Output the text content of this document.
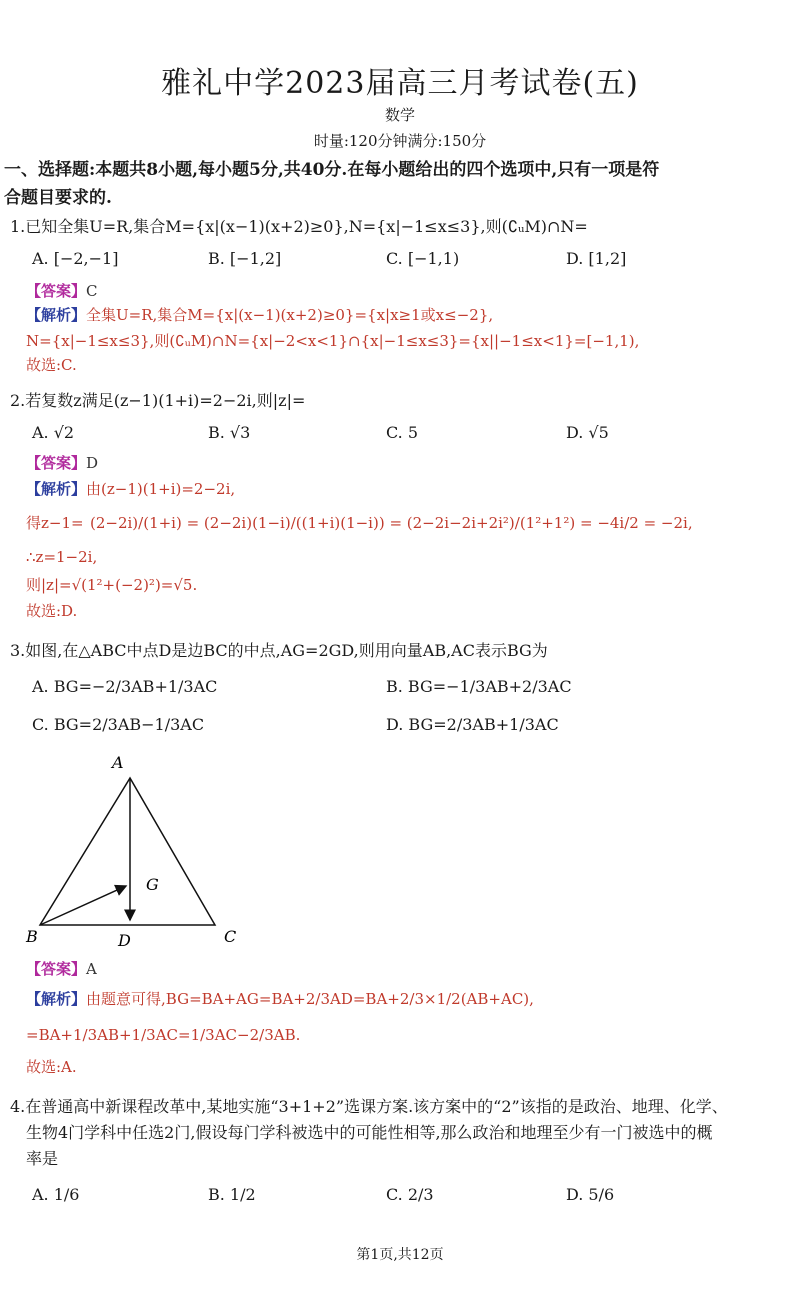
雅礼中学2023届高三月考试卷(五)
数学
时量:120分钟满分:150分
一、选择题:本题共8小题,每小题5分,共40分.在每小题给出的四个选项中,只有一项是符
合题目要求的.
1.已知全集U=R,集合M={x|(x−1)(x+2)≥0},N={x|−1≤x≤3},则(∁ᵤM)∩N=
A. [−2,−1]	B. [−1,2]	C. [−1,1)	D. [1,2]
【答案】C
【解析】全集U=R,集合M={x|(x−1)(x+2)≥0}={x|x≥1或x≤−2},
N={x|−1≤x≤3},则(∁ᵤM)∩N={x|−2<x<1}∩{x|−1≤x≤3}={x||−1≤x<1}=[−1,1),
故选:C.
2.若复数z满足(z−1)(1+i)=2−2i,则|z|=
A. √2	B. √3	C. 5	D. √5
【答案】D
【解析】由(z−1)(1+i)=2−2i,
得z−1= (2−2i)/(1+i) = (2−2i)(1−i)/((1+i)(1−i)) = (2−2i−2i+2i²)/(1²+1²) = −4i/2 = −2i,
∴z=1−2i,
则|z|=√(1²+(−2)²)=√5.
故选:D.
3.如图,在△ABC中点D是边BC的中点,AG=2GD,则用向量AB,AC表示BG为
A. BG=−2/3AB+1/3AC	B. BG=−1/3AB+2/3AC
C. BG=2/3AB−1/3AC	D. BG=2/3AB+1/3AC
A
B	C
D
G
【答案】A
【解析】由题意可得,BG=BA+AG=BA+2/3AD=BA+2/3×1/2(AB+AC),
=BA+1/3AB+1/3AC=1/3AC−2/3AB.
故选:A.
4.在普通高中新课程改革中,某地实施“3+1+2”选课方案.该方案中的“2”该指的是政治、地理、化学、
生物4门学科中任选2门,假设每门学科被选中的可能性相等,那么政治和地理至少有一门被选中的概
率是
A. 1/6	B. 1/2	C. 2/3	D. 5/6
第1页,共12页
